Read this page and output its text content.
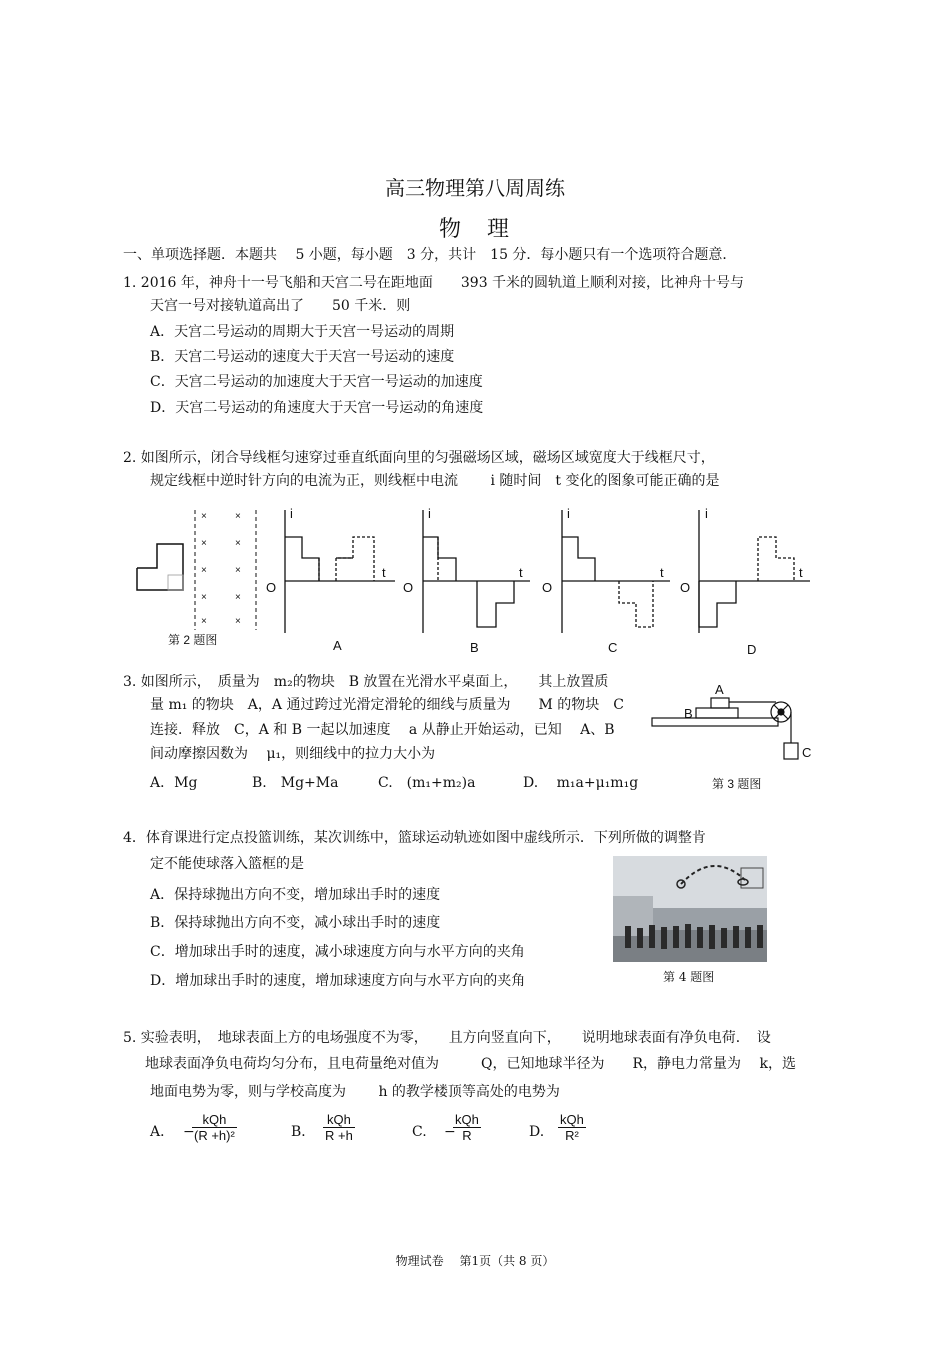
高三物理第八周周练
物　理
一、单项选择题．本题共　 5 小题，每小题　3 分，共计　15 分．每小题只有一个选项符合题意．
1. 2016 年，神舟十一号飞船和天宫二号在距地面　　393 千米的圆轨道上顺利对接，比神舟十号与
天宫一号对接轨道高出了　　50 千米．则
A．天宫二号运动的周期大于天宫一号运动的周期
B．天宫二号运动的速度大于天宫一号运动的速度
C．天宫二号运动的加速度大于天宫一号运动的加速度
D．天宫二号运动的角速度大于天宫一号运动的角速度
2. 如图所示，闭合导线框匀速穿过垂直纸面向里的匀强磁场区域，磁场区域宽度大于线框尺寸，
规定线框中逆时针方向的电流为正，则线框中电流　　 i 随时间　t 变化的图象可能正确的是
×
×
×
×
×
×
×
×
×
×
i
t
O
i
t
O
i
t
O
i
t
O
A	B	C	D
第 2 题图
3. 如图所示，　质量为　m₂的物块　B 放置在光滑水平桌面上，　　其上放置质
量 m₁ 的物块　A，A 通过跨过光滑定滑轮的细线与质量为　　M 的物块　C
连接．释放　C，A 和 B 一起以加速度　 a 从静止开始运动，已知　 A、B
间动摩擦因数为　 μ₁，则细线中的拉力大小为
A．Mg	B.　Mg+Ma	C.　(m₁+m₂)a	D.　 m₁a+μ₁m₁g
A
B
C
第 3 题图
4．体育课进行定点投篮训练，某次训练中，篮球运动轨迹如图中虚线所示．下列所做的调整肯
定不能使球落入篮框的是
A．保持球抛出方向不变，增加球出手时的速度
B．保持球抛出方向不变，减小球出手时的速度
C．增加球出手时的速度，减小球速度方向与水平方向的夹角
D．增加球出手时的速度，增加球速度方向与水平方向的夹角	第 4 题图
5. 实验表明，　地球表面上方的电场强度不为零，　　且方向竖直向下，　　说明地球表面有净负电荷．　设
地球表面净负电荷均匀分布，且电荷量绝对值为　　　Q，已知地球半径为　　R，静电力常量为　 k，选
地面电势为零，则与学校高度为　　 h 的教学楼顶等高处的电势为
A． −
kQh
(R +h)²	B．
kQh
R +h	C. −
kQh
R	D.
kQh
R²
物理试卷　 第1页（共 8 页）
